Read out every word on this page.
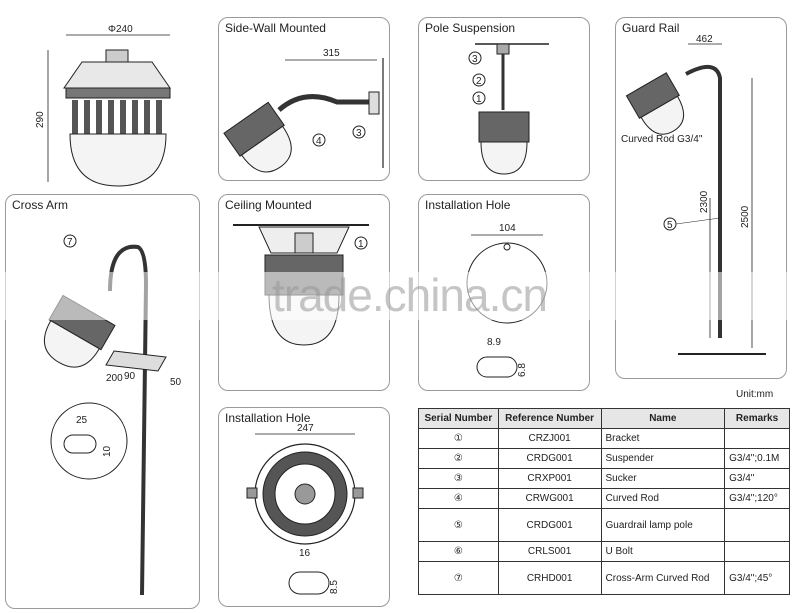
Φ240
290
Side-Wall Mounted
315
4
3
Pole Suspension
3
2
1
Guard Rail
462
Curved Rod G3/4"
2300
2500
5
Cross Arm
7
90
200	50
25
10
Ceiling Mounted
1
Installation Hole
104
8.9
6.8
Installation Hole
247
16
8.5
Unit:mm
Serial Number	Reference Number	Name	Remarks
①	CRZJ001	Bracket	
②	CRDG001	Suspender	G3/4";0.1M
③	CRXP001	Sucker	G3/4"
④	CRWG001	Curved Rod	G3/4";120°
⑤	CRDG001	Guardrail lamp pole	
⑥	CRLS001	U Bolt	
⑦	CRHD001	Cross-Arm Curved Rod	G3/4";45°
trade.china.cn
